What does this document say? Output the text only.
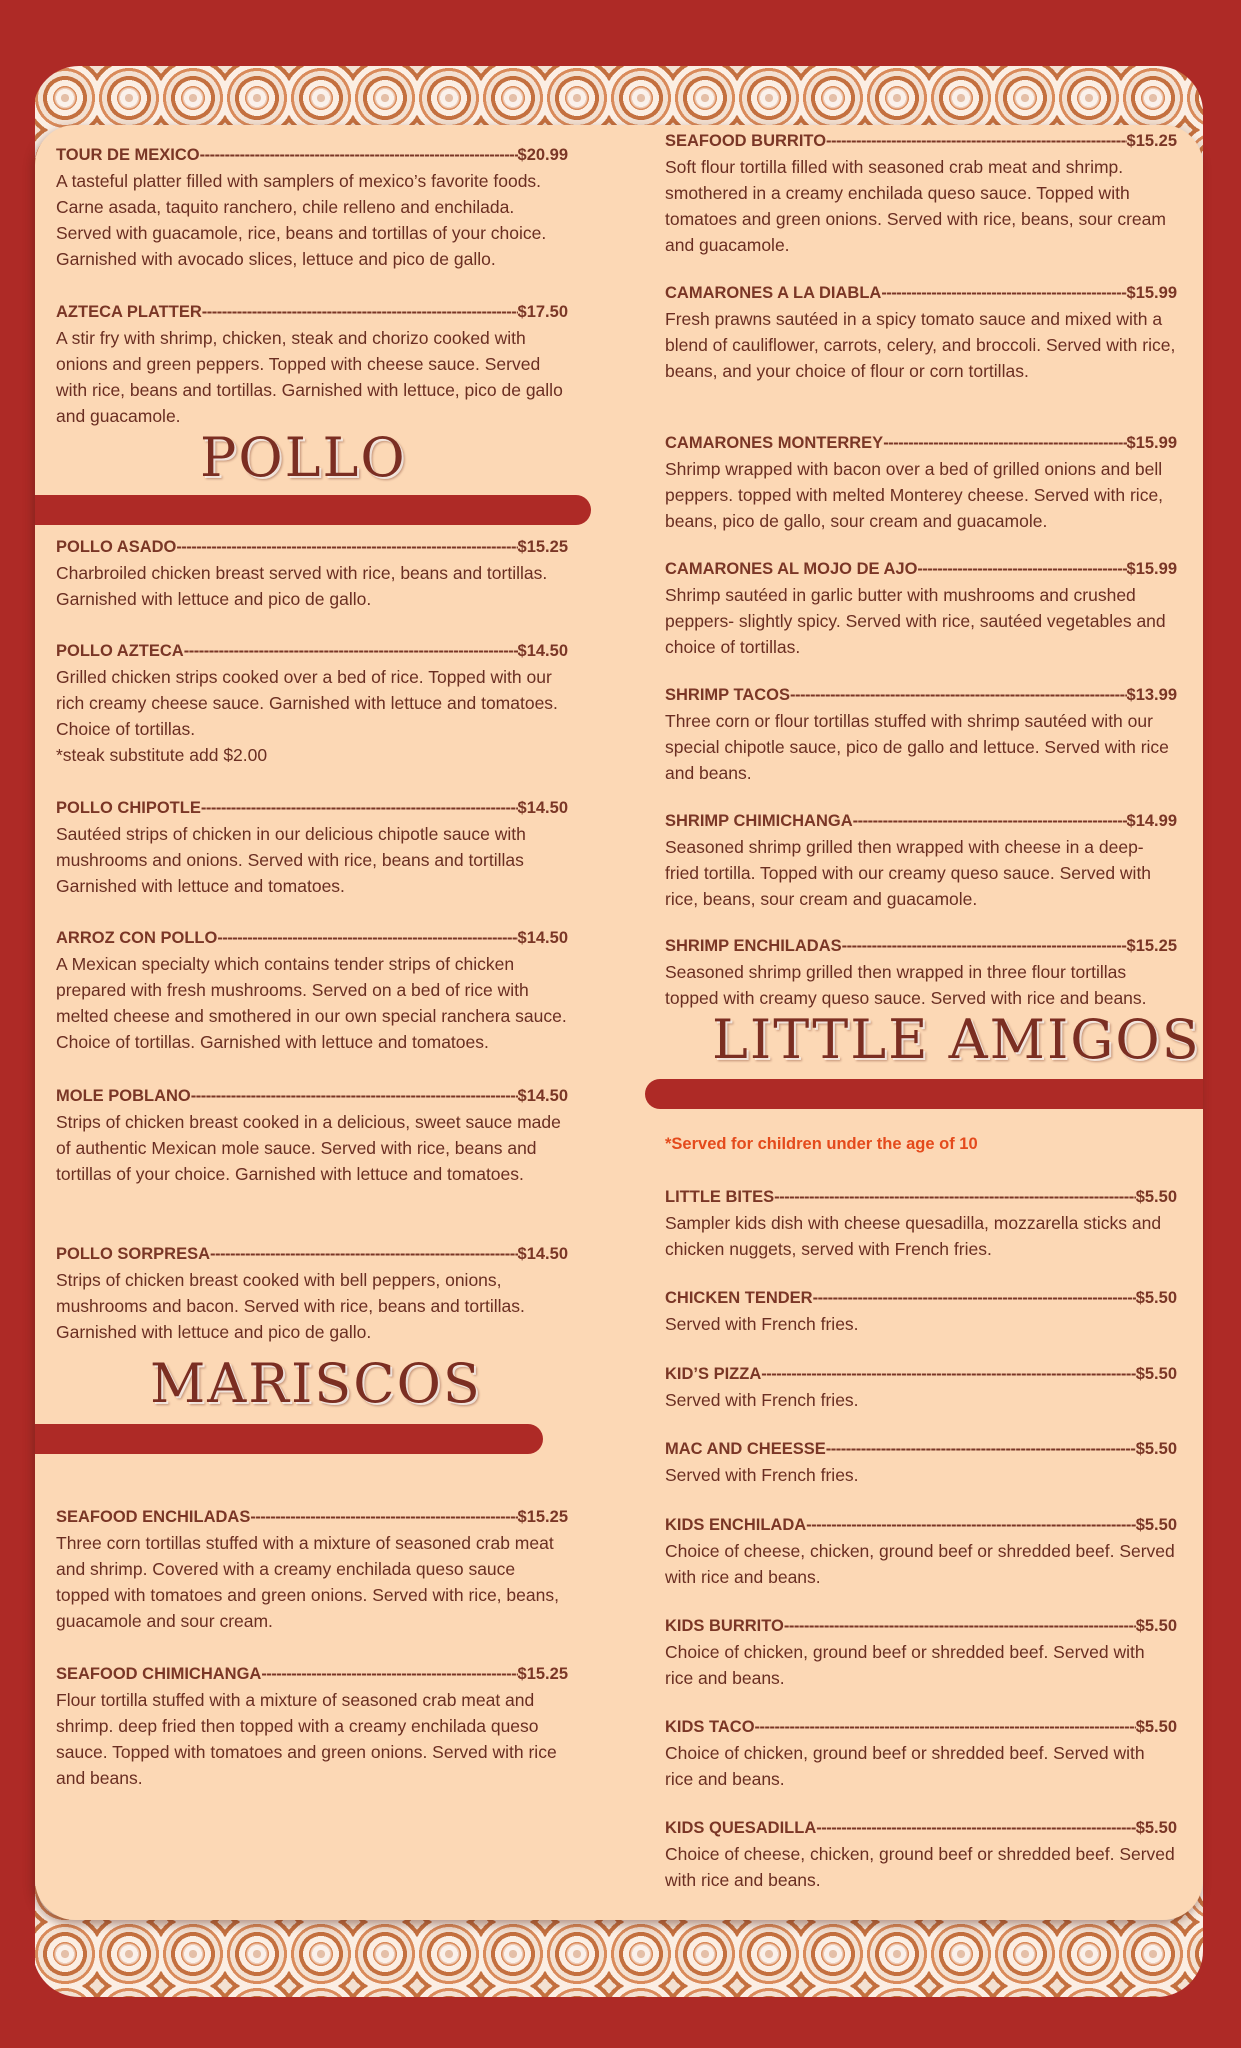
POLLO
MARISCOS
LITTLE AMIGOS
*Served for children under the age of 10
TOUR DE MEXICO -----	$20.99
A tasteful platter filled with samplers of mexico’s favorite foods. Carne asada, taquito ranchero, chile relleno and enchilada. Served with guacamole, rice, beans and tortillas of your choice. Garnished with avocado slices, lettuce and pico de gallo.
AZTECA PLATTER -----	$17.50
A stir fry with shrimp, chicken, steak and chorizo cooked with onions and green peppers. Topped with cheese sauce. Served with rice, beans and tortillas. Garnished with lettuce, pico de gallo and guacamole.
POLLO ASADO -----	$15.25
Charbroiled chicken breast served with rice, beans and tortillas. Garnished with lettuce and pico de gallo.
POLLO AZTECA -----	$14.50
Grilled chicken strips cooked over a bed of rice. Topped with our rich creamy cheese sauce. Garnished with lettuce and tomatoes. Choice of tortillas.
*steak substitute add $2.00
POLLO CHIPOTLE -----	$14.50
Sautéed strips of chicken in our delicious chipotle sauce with mushrooms and onions. Served with rice, beans and tortillas Garnished with lettuce and tomatoes.
ARROZ CON POLLO -----	$14.50
A Mexican specialty which contains tender strips of chicken prepared with fresh mushrooms. Served on a bed of rice with melted cheese and smothered in our own special ranchera sauce. Choice of tortillas. Garnished with lettuce and tomatoes.
MOLE POBLANO -----	$14.50
Strips of chicken breast cooked in a delicious, sweet sauce made of authentic Mexican mole sauce. Served with rice, beans and tortillas of your choice. Garnished with lettuce and tomatoes.
POLLO SORPRESA -----	$14.50
Strips of chicken breast cooked with bell peppers, onions, mushrooms and bacon. Served with rice, beans and tortillas. Garnished with lettuce and pico de gallo.
SEAFOOD ENCHILADAS -----	$15.25
Three corn tortillas stuffed with a mixture of seasoned crab meat and shrimp. Covered with a creamy enchilada queso sauce topped with tomatoes and green onions. Served with rice, beans, guacamole and sour cream.
SEAFOOD CHIMICHANGA -----	$15.25
Flour tortilla stuffed with a mixture of seasoned crab meat and shrimp. deep fried then topped with a creamy enchilada queso sauce. Topped with tomatoes and green onions. Served with rice and beans.
SEAFOOD BURRITO -----	$15.25
Soft flour tortilla filled with seasoned crab meat and shrimp. smothered in a creamy enchilada queso sauce. Topped with tomatoes and green onions. Served with rice, beans, sour cream and guacamole.
CAMARONES A LA DIABLA -----	$15.99
Fresh prawns sautéed in a spicy tomato sauce and mixed with a blend of cauliflower, carrots, celery, and broccoli. Served with rice, beans, and your choice of flour or corn tortillas.
CAMARONES MONTERREY -----	$15.99
Shrimp wrapped with bacon over a bed of grilled onions and bell peppers. topped with melted Monterey cheese. Served with rice, beans, pico de gallo, sour cream and guacamole.
CAMARONES AL MOJO DE AJO -----	$15.99
Shrimp sautéed in garlic butter with mushrooms and crushed peppers- slightly spicy. Served with rice, sautéed vegetables and choice of tortillas.
SHRIMP TACOS -----	$13.99
Three corn or flour tortillas stuffed with shrimp sautéed with our special chipotle sauce, pico de gallo and lettuce. Served with rice and beans.
SHRIMP CHIMICHANGA -----	$14.99
Seasoned shrimp grilled then wrapped with cheese in a deep-fried tortilla. Topped with our creamy queso sauce. Served with rice, beans, sour cream and guacamole.
SHRIMP ENCHILADAS -----	$15.25
Seasoned shrimp grilled then wrapped in three flour tortillas topped with creamy queso sauce. Served with rice and beans.
LITTLE BITES -----	$5.50
Sampler kids dish with cheese quesadilla, mozzarella sticks and chicken nuggets, served with French fries.
CHICKEN TENDER -----	$5.50
Served with French fries.
KID’S PIZZA -----	$5.50
Served with French fries.
MAC AND CHEESSE -----	$5.50
Served with French fries.
KIDS ENCHILADA -----	$5.50
Choice of cheese, chicken, ground beef or shredded beef. Served with rice and beans.
KIDS BURRITO -----	$5.50
Choice of chicken, ground beef or shredded beef. Served with rice and beans.
KIDS TACO -----	$5.50
Choice of chicken, ground beef or shredded beef. Served with rice and beans.
KIDS QUESADILLA -----	$5.50
Choice of cheese, chicken, ground beef or shredded beef. Served with rice and beans.
